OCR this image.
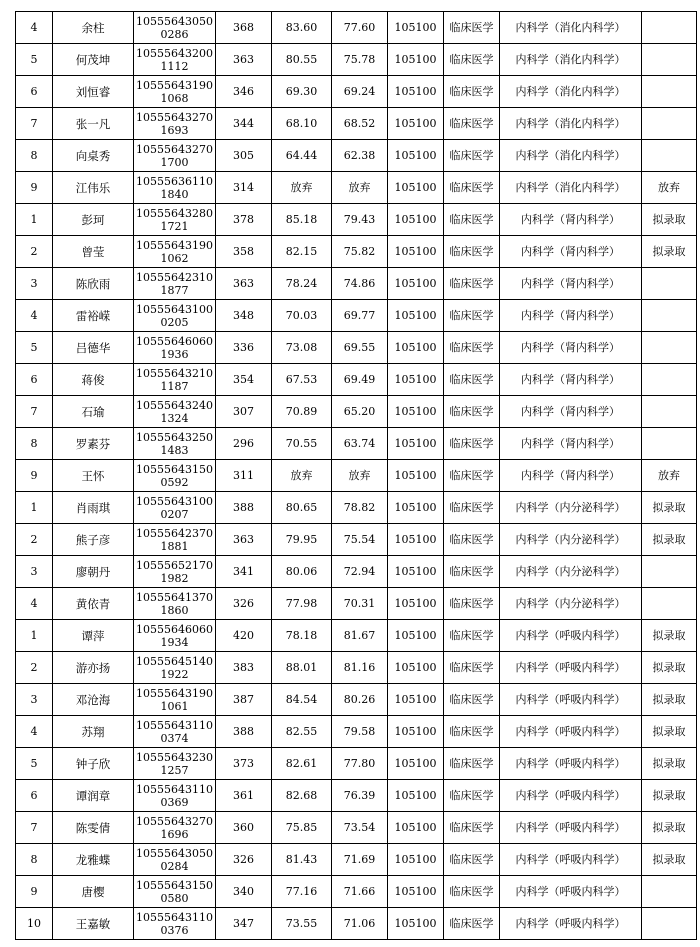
4	余柱	105556430500286	368	83.60	77.60	105100	临床医学	内科学（消化内科学）	
5	何茂坤	105556432001112	363	80.55	75.78	105100	临床医学	内科学（消化内科学）	
6	刘恒睿	105556431901068	346	69.30	69.24	105100	临床医学	内科学（消化内科学）	
7	张一凡	105556432701693	344	68.10	68.52	105100	临床医学	内科学（消化内科学）	
8	向桌秀	105556432701700	305	64.44	62.38	105100	临床医学	内科学（消化内科学）	
9	江伟乐	105556361101840	314	放弃	放弃	105100	临床医学	内科学（消化内科学）	放弃
1	彭珂	105556432801721	378	85.18	79.43	105100	临床医学	内科学（肾内科学）	拟录取
2	曾莹	105556431901062	358	82.15	75.82	105100	临床医学	内科学（肾内科学）	拟录取
3	陈欣雨	105556423101877	363	78.24	74.86	105100	临床医学	内科学（肾内科学）	
4	雷裕嵘	105556431000205	348	70.03	69.77	105100	临床医学	内科学（肾内科学）	
5	吕德华	105556460601936	336	73.08	69.55	105100	临床医学	内科学（肾内科学）	
6	蒋俊	105556432101187	354	67.53	69.49	105100	临床医学	内科学（肾内科学）	
7	石瑜	105556432401324	307	70.89	65.20	105100	临床医学	内科学（肾内科学）	
8	罗素芬	105556432501483	296	70.55	63.74	105100	临床医学	内科学（肾内科学）	
9	王怀	105556431500592	311	放弃	放弃	105100	临床医学	内科学（肾内科学）	放弃
1	肖雨琪	105556431000207	388	80.65	78.82	105100	临床医学	内科学（内分泌科学）	拟录取
2	熊子彦	105556423701881	363	79.95	75.54	105100	临床医学	内科学（内分泌科学）	拟录取
3	廖朝丹	105556521701982	341	80.06	72.94	105100	临床医学	内科学（内分泌科学）	
4	黄依青	105556413701860	326	77.98	70.31	105100	临床医学	内科学（内分泌科学）	
1	谭萍	105556460601934	420	78.18	81.67	105100	临床医学	内科学（呼吸内科学）	拟录取
2	游亦扬	105556451401922	383	88.01	81.16	105100	临床医学	内科学（呼吸内科学）	拟录取
3	邓沧海	105556431901061	387	84.54	80.26	105100	临床医学	内科学（呼吸内科学）	拟录取
4	苏翔	105556431100374	388	82.55	79.58	105100	临床医学	内科学（呼吸内科学）	拟录取
5	钟子欣	105556432301257	373	82.61	77.80	105100	临床医学	内科学（呼吸内科学）	拟录取
6	谭润章	105556431100369	361	82.68	76.39	105100	临床医学	内科学（呼吸内科学）	拟录取
7	陈雯倩	105556432701696	360	75.85	73.54	105100	临床医学	内科学（呼吸内科学）	拟录取
8	龙雅蝶	105556430500284	326	81.43	71.69	105100	临床医学	内科学（呼吸内科学）	拟录取
9	唐樱	105556431500580	340	77.16	71.66	105100	临床医学	内科学（呼吸内科学）	
10	王嘉敏	105556431100376	347	73.55	71.06	105100	临床医学	内科学（呼吸内科学）	
